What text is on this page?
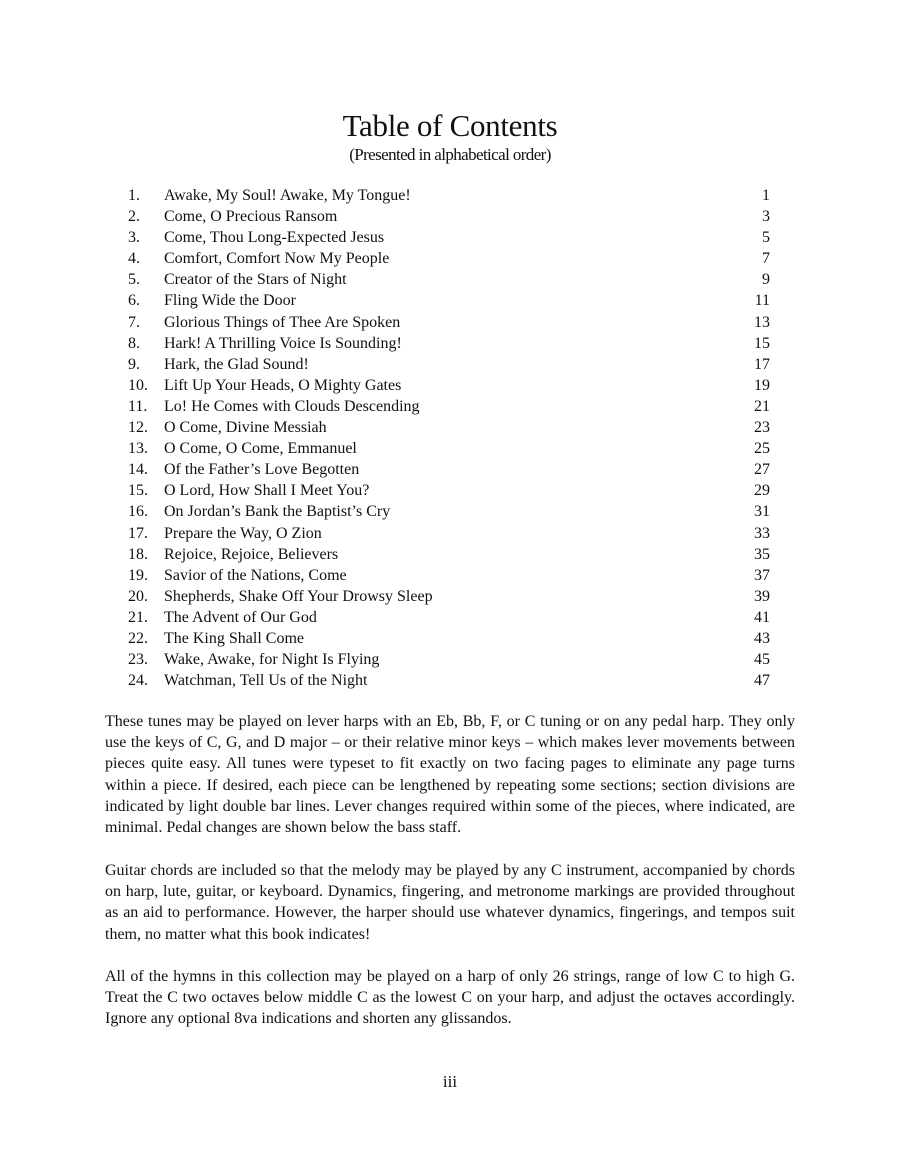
Table of Contents
(Presented in alphabetical order)
1.	Awake, My Soul! Awake, My Tongue!	1
2.	Come, O Precious Ransom	3
3.	Come, Thou Long-Expected Jesus	5
4.	Comfort, Comfort Now My People	7
5.	Creator of the Stars of Night	9
6.	Fling Wide the Door	11
7.	Glorious Things of Thee Are Spoken	13
8.	Hark! A Thrilling Voice Is Sounding!	15
9.	Hark, the Glad Sound!	17
10.	Lift Up Your Heads, O Mighty Gates	19
11.	Lo! He Comes with Clouds Descending	21
12.	O Come, Divine Messiah	23
13.	O Come, O Come, Emmanuel	25
14.	Of the Father’s Love Begotten	27
15.	O Lord, How Shall I Meet You?	29
16.	On Jordan’s Bank the Baptist’s Cry	31
17.	Prepare the Way, O Zion	33
18.	Rejoice, Rejoice, Believers	35
19.	Savior of the Nations, Come	37
20.	Shepherds, Shake Off Your Drowsy Sleep	39
21.	The Advent of Our God	41
22.	The King Shall Come	43
23.	Wake, Awake, for Night Is Flying	45
24.	Watchman, Tell Us of the Night	47

These tunes may be played on lever harps with an Eb, Bb, F, or C tuning or on any pedal harp. They only use the keys of C, G, and D major – or their relative minor keys – which makes lever movements between pieces quite easy. All tunes were typeset to fit exactly on two facing pages to eliminate any page turns within a piece. If desired, each piece can be lengthened by repeating some sections; section divisions are indicated by light double bar lines. Lever changes required within some of the pieces, where indicated, are minimal. Pedal changes are shown below the bass staff.

Guitar chords are included so that the melody may be played by any C instrument, accompanied by chords on harp, lute, guitar, or keyboard. Dynamics, fingering, and metronome markings are provided throughout as an aid to performance. However, the harper should use whatever dynamics, fingerings, and tempos suit them, no matter what this book indicates!

All of the hymns in this collection may be played on a harp of only 26 strings, range of low C to high G. Treat the C two octaves below middle C as the lowest C on your harp, and adjust the octaves accordingly. Ignore any optional 8va indications and shorten any glissandos.

iii
